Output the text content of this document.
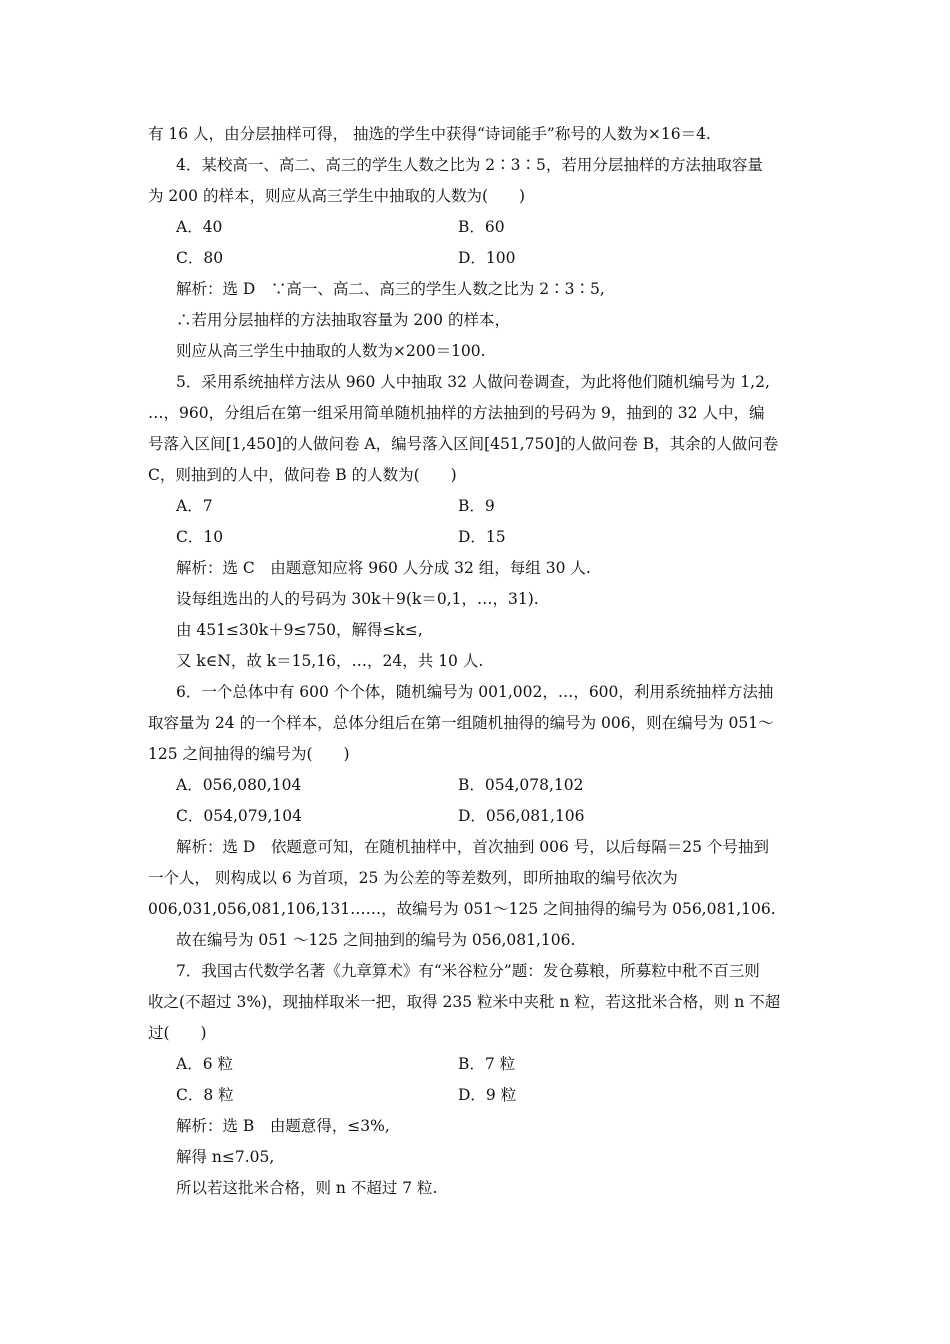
有 16 人，由分层抽样可得， 抽选的学生中获得“诗词能手”称号的人数为×16＝4.
4．某校高一、高二、高三的学生人数之比为 2∶3∶5，若用分层抽样的方法抽取容量
为 200 的样本，则应从高三学生中抽取的人数为(　　)
A．40	B．60
C．80	D．100
解析：选 D　∵高一、高二、高三的学生人数之比为 2∶3∶5,
∴若用分层抽样的方法抽取容量为 200 的样本，
则应从高三学生中抽取的人数为×200＝100.
5．采用系统抽样方法从 960 人中抽取 32 人做问卷调查，为此将他们随机编号为 1,2,
…，960，分组后在第一组采用简单随机抽样的方法抽到的号码为 9，抽到的 32 人中，编
号落入区间[1,450]的人做问卷 A，编号落入区间[451,750]的人做问卷 B，其余的人做问卷
C，则抽到的人中，做问卷 B 的人数为(　　)
A．7	B．9
C．10	D．15
解析：选 C　由题意知应将 960 人分成 32 组，每组 30 人.
设每组选出的人的号码为 30k＋9(k＝0,1，…，31).
由 451≤30k＋9≤750，解得≤k≤,
又 k∈N，故 k＝15,16，…，24，共 10 人.
6．一个总体中有 600 个个体，随机编号为 001,002，…，600，利用系统抽样方法抽
取容量为 24 的一个样本，总体分组后在第一组随机抽得的编号为 006，则在编号为 051～
125 之间抽得的编号为(　　)
A．056,080,104	B．054,078,102
C．054,079,104	D．056,081,106
解析：选 D　依题意可知，在随机抽样中，首次抽到 006 号，以后每隔＝25 个号抽到
一个人， 则构成以 6 为首项，25 为公差的等差数列，即所抽取的编号依次为
006,031,056,081,106,131……，故编号为 051～125 之间抽得的编号为 056,081,106.
故在编号为 051 ～125 之间抽到的编号为 056,081,106.
7．我国古代数学名著《九章算术》有“米谷粒分”题：发仓募粮，所募粒中秕不百三则
收之(不超过 3%)，现抽样取米一把，取得 235 粒米中夹秕 n 粒，若这批米合格，则 n 不超
过(　　)
A．6 粒	B．7 粒
C．8 粒	D．9 粒
解析：选 B　由题意得，≤3%,
解得 n≤7.05,
所以若这批米合格，则 n 不超过 7 粒.
